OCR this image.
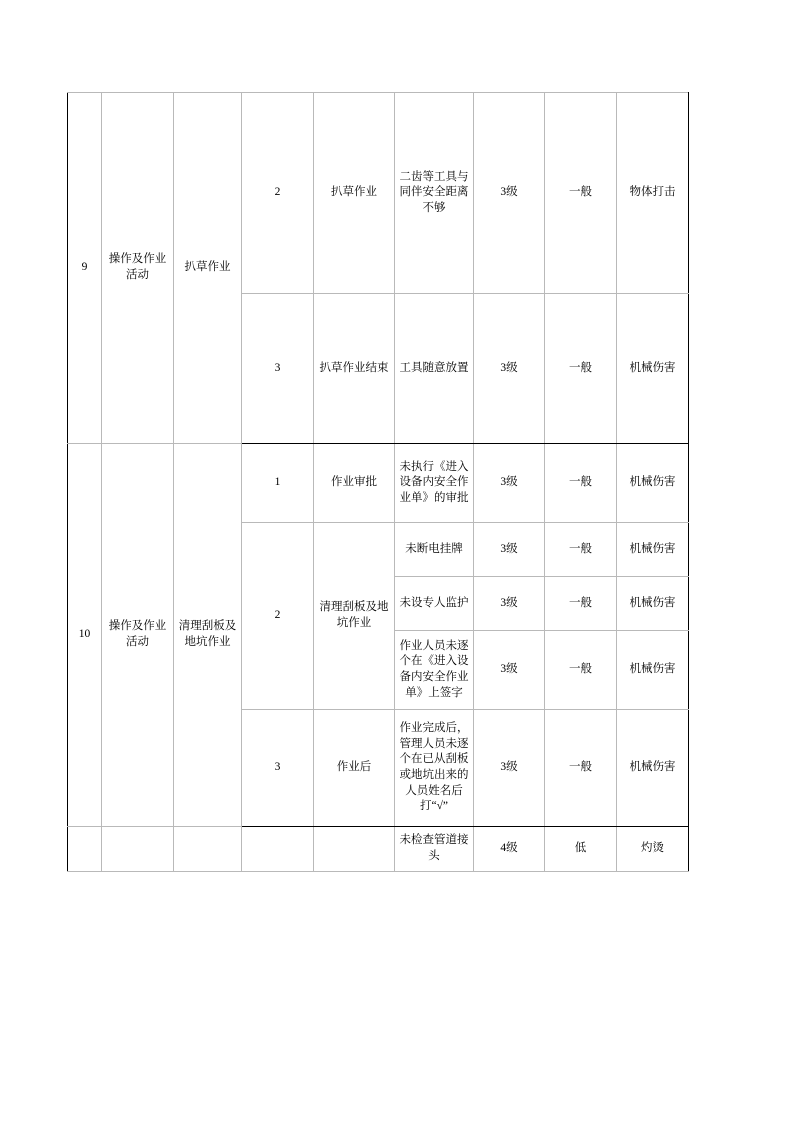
9	操作及作业活动	扒草作业	2	扒草作业	二齿等工具与同伴安全距离不够	3级	一般	物体打击
			3	扒草作业结束	工具随意放置	3级	一般	机械伤害
10	操作及作业活动	清理刮板及地坑作业	1	作业审批	未执行《进入设备内安全作业单》的审批	3级	一般	机械伤害
			2	清理刮板及地坑作业	未断电挂牌	3级	一般	机械伤害
					未设专人监护	3级	一般	机械伤害
					作业人员未逐个在《进入设备内安全作业单》上签字	3级	一般	机械伤害
			3	作业后	作业完成后，管理人员未逐个在已从刮板或地坑出来的人员姓名后打“√”	3级	一般	机械伤害
					未检查管道接头	4级	低	灼烫
